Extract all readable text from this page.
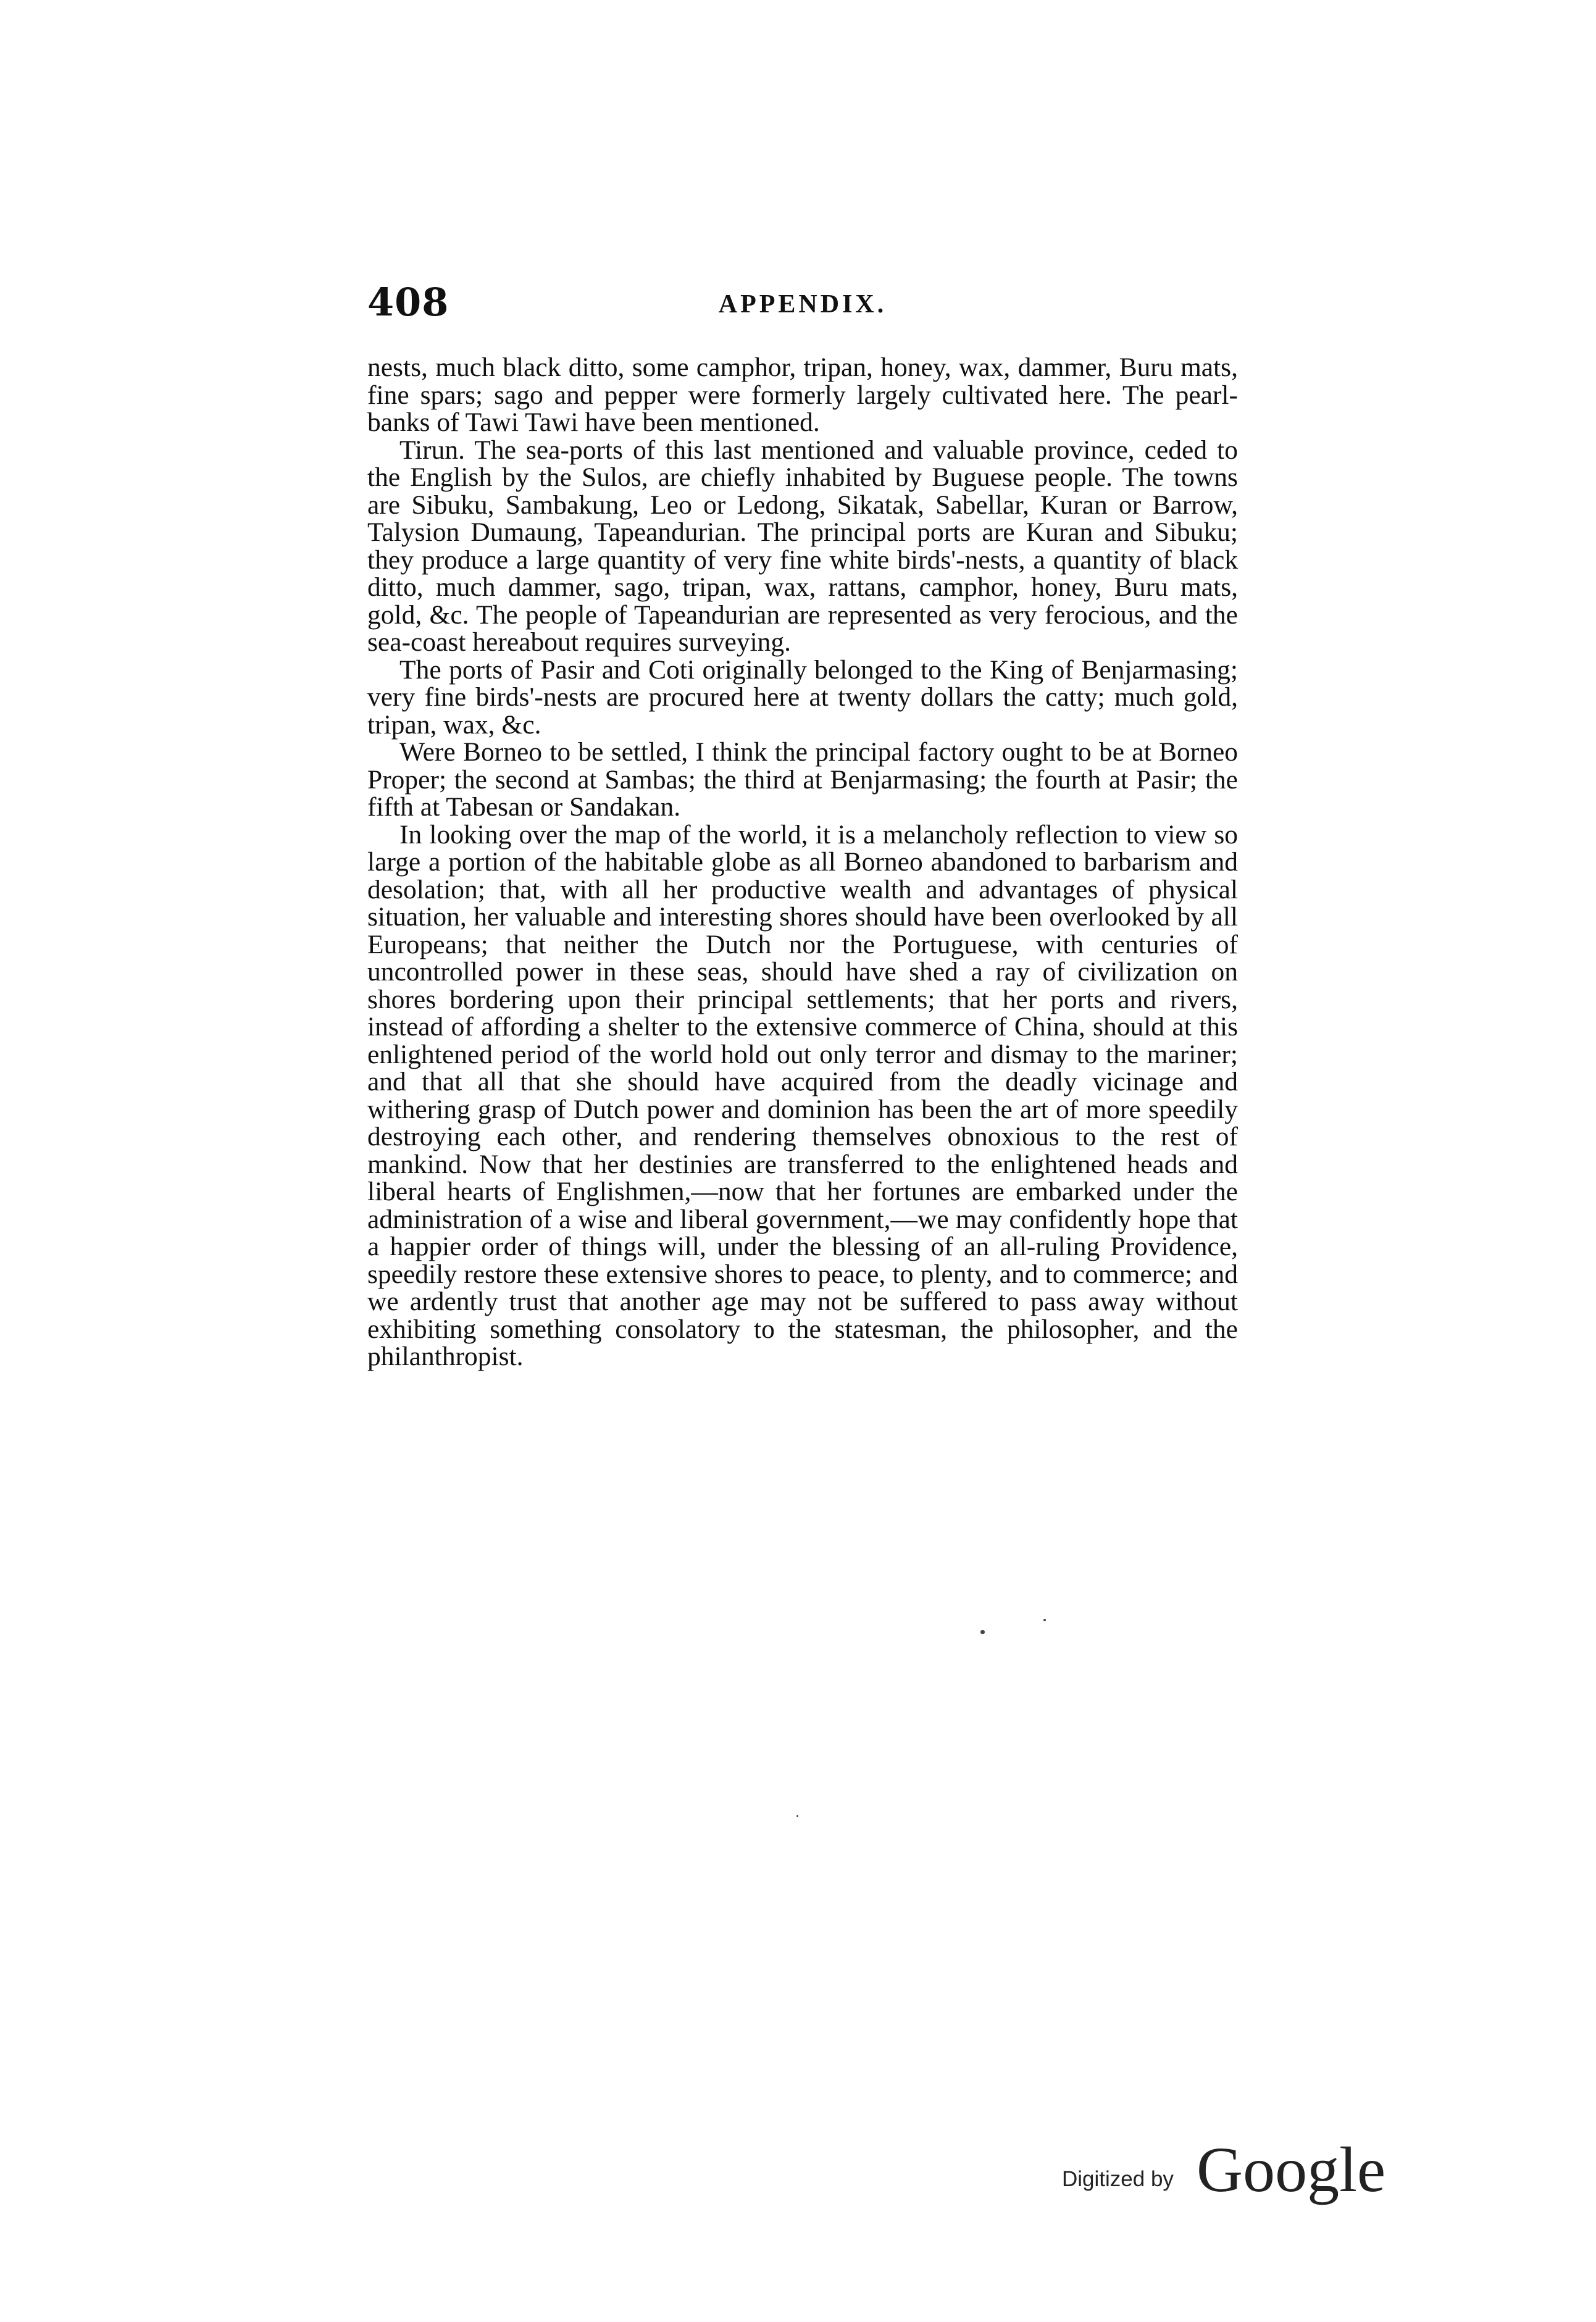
408	APPENDIX.

nests, much black ditto, some camphor, tripan, honey, wax, dammer, Buru mats, fine spars; sago and pepper were formerly largely cultivated here. The pearl-banks of Tawi Tawi have been mentioned.

Tirun. The sea-ports of this last mentioned and valuable province, ceded to the English by the Sulos, are chiefly inhabited by Buguese people. The towns are Sibuku, Sambakung, Leo or Ledong, Sikatak, Sabellar, Kuran or Barrow, Talysion Dumaung, Tapeandurian. The principal ports are Kuran and Sibuku; they produce a large quantity of very fine white birds'-nests, a quantity of black ditto, much dammer, sago, tripan, wax, rattans, camphor, honey, Buru mats, gold, &c. The people of Tapeandurian are represented as very ferocious, and the sea-coast hereabout requires surveying.

The ports of Pasir and Coti originally belonged to the King of Benjarmasing; very fine birds'-nests are procured here at twenty dollars the catty; much gold, tripan, wax, &c.

Were Borneo to be settled, I think the principal factory ought to be at Borneo Proper; the second at Sambas; the third at Benjarmasing; the fourth at Pasir; the fifth at Tabesan or Sandakan.

In looking over the map of the world, it is a melancholy reflection to view so large a portion of the habitable globe as all Borneo abandoned to barbarism and desolation; that, with all her productive wealth and advantages of physical situation, her valuable and interesting shores should have been overlooked by all Europeans; that neither the Dutch nor the Portuguese, with centuries of uncontrolled power in these seas, should have shed a ray of civilization on shores bordering upon their principal settlements; that her ports and rivers, instead of affording a shelter to the extensive commerce of China, should at this enlightened period of the world hold out only terror and dismay to the mariner; and that all that she should have acquired from the deadly vicinage and withering grasp of Dutch power and dominion has been the art of more speedily destroying each other, and rendering themselves obnoxious to the rest of mankind. Now that her destinies are transferred to the enlightened heads and liberal hearts of Englishmen,—now that her fortunes are embarked under the administration of a wise and liberal government,—we may confidently hope that a happier order of things will, under the blessing of an all-ruling Providence, speedily restore these extensive shores to peace, to plenty, and to commerce; and we ardently trust that another age may not be suffered to pass away without exhibiting something consolatory to the statesman, the philosopher, and the philanthropist.

Digitized by Google
